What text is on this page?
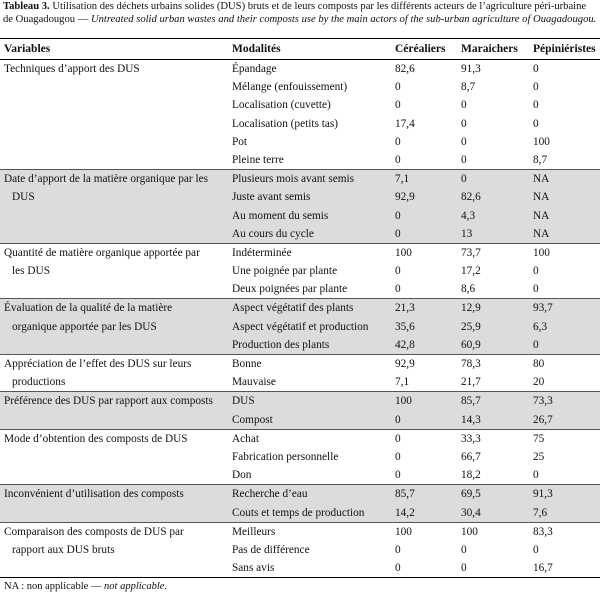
Tableau 3. Utilisation des déchets urbains solides (DUS) bruts et de leurs composts par les différents acteurs de l’agriculture péri-urbaine de Ouagadougou — Untreated solid urban wastes and their composts use by the main actors of the sub-urban agriculture of Ouagadougou.
Variables	Modalités	Céréaliers	Maraichers	Pépiniéristes
Techniques d’apport des DUS	Épandage	82,6	91,3	0
	Mélange (enfouissement)	0	8,7	0
	Localisation (cuvette)	0	0	0
	Localisation (petits tas)	17,4	0	0
	Pot	0	0	100
	Pleine terre	0	0	8,7
Date d’apport de la matière organique par les	Plusieurs mois avant semis	7,1	0	NA
DUS	Juste avant semis	92,9	82,6	NA
	Au moment du semis	0	4,3	NA
	Au cours du cycle	0	13	NA
Quantité de matière organique apportée par	Indéterminée	100	73,7	100
les DUS	Une poignée par plante	0	17,2	0
	Deux poignées par plante	0	8,6	0
Évaluation de la qualité de la matière	Aspect végétatif des plants	21,3	12,9	93,7
organique apportée par les DUS	Aspect végétatif et production	35,6	25,9	6,3
	Production des plants	42,8	60,9	0
Appréciation de l’effet des DUS sur leurs	Bonne	92,9	78,3	80
productions	Mauvaise	7,1	21,7	20
Préférence des DUS par rapport aux composts	DUS	100	85,7	73,3
	Compost	0	14,3	26,7
Mode d’obtention des composts de DUS	Achat	0	33,3	75
	Fabrication personnelle	0	66,7	25
	Don	0	18,2	0
Inconvénient d’utilisation des composts	Recherche d’eau	85,7	69,5	91,3
	Couts et temps de production	14,2	30,4	7,6
Comparaison des composts de DUS par	Meilleurs	100	100	83,3
rapport aux DUS bruts	Pas de différence	0	0	0
	Sans avis	0	0	16,7
NA : non applicable — not applicable.
